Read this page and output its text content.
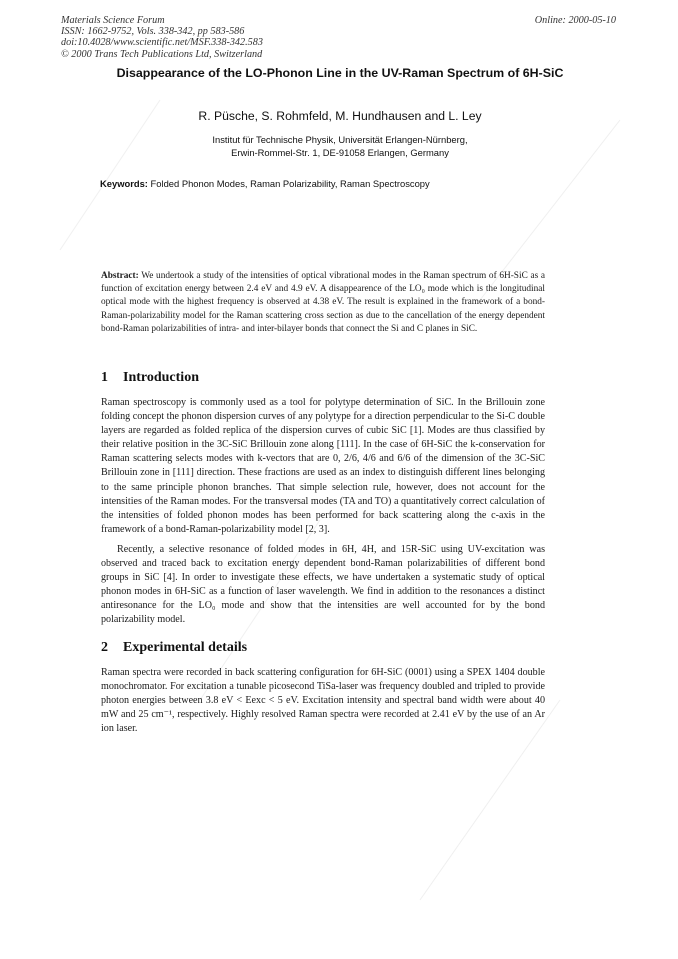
Materials Science Forum
ISSN: 1662-9752, Vols. 338-342, pp 583-586
doi:10.4028/www.scientific.net/MSF.338-342.583
© 2000 Trans Tech Publications Ltd, Switzerland
Online: 2000-05-10
Disappearance of the LO-Phonon Line in the UV-Raman Spectrum of 6H-SiC
R. Püsche, S. Rohmfeld, M. Hundhausen and L. Ley
Institut für Technische Physik, Universität Erlangen-Nürnberg,
Erwin-Rommel-Str. 1, DE-91058 Erlangen, Germany
Keywords: Folded Phonon Modes, Raman Polarizability, Raman Spectroscopy
Abstract: We undertook a study of the intensities of optical vibrational modes in the Raman spectrum of 6H-SiC as a function of excitation energy between 2.4 eV and 4.9 eV. A disappearence of the LO₀ mode which is the longitudinal optical mode with the highest frequency is observed at 4.38 eV. The result is explained in the framework of a bond-Raman-polarizability model for the Raman scattering cross section as due to the cancellation of the energy dependent bond-Raman polarizabilities of intra- and inter-bilayer bonds that connect the Si and C planes in SiC.
1 Introduction

Raman spectroscopy is commonly used as a tool for polytype determination of SiC. In the Brillouin zone folding concept the phonon dispersion curves of any polytype for a direction perpendicular to the Si-C double layers are regarded as folded replica of the dispersion curves of cubic SiC [1]. Modes are thus classified by their relative position in the 3C-SiC Brillouin zone along [111]. In the case of 6H-SiC the k-conservation for Raman scattering selects modes with k-vectors that are 0, 2/6, 4/6 and 6/6 of the dimension of the 3C-SiC Brillouin zone in [111] direction. These fractions are used as an index to distinguish different lines belonging to the same principle phonon branches. That simple selection rule, however, does not account for the intensities of the Raman modes. For the transversal modes (TA and TO) a quantitatively correct calculation of the intensities of folded phonon modes has been performed for back scattering along the c-axis in the framework of a bond-Raman-polarizability model [2, 3].

Recently, a selective resonance of folded modes in 6H, 4H, and 15R-SiC using UV-excitation was observed and traced back to excitation energy dependent bond-Raman polarizabilities of different bond groups in SiC [4]. In order to investigate these effects, we have undertaken a systematic study of optical phonon modes in 6H-SiC as a function of laser wavelength. We find in addition to the resonances a distinct antiresonance for the LO₀ mode and show that the intensities are well accounted for by the bond polarizability model.

2 Experimental details

Raman spectra were recorded in back scattering configuration for 6H-SiC (0001) using a SPEX 1404 double monochromator. For excitation a tunable picosecond TiSa-laser was frequency doubled and tripled to provide photon energies between 3.8 eV < Eexc < 5 eV. Excitation intensity and spectral band width were about 40 mW and 25 cm⁻¹, respectively. Highly resolved Raman spectra were recorded at 2.41 eV by the use of an Ar ion laser.
